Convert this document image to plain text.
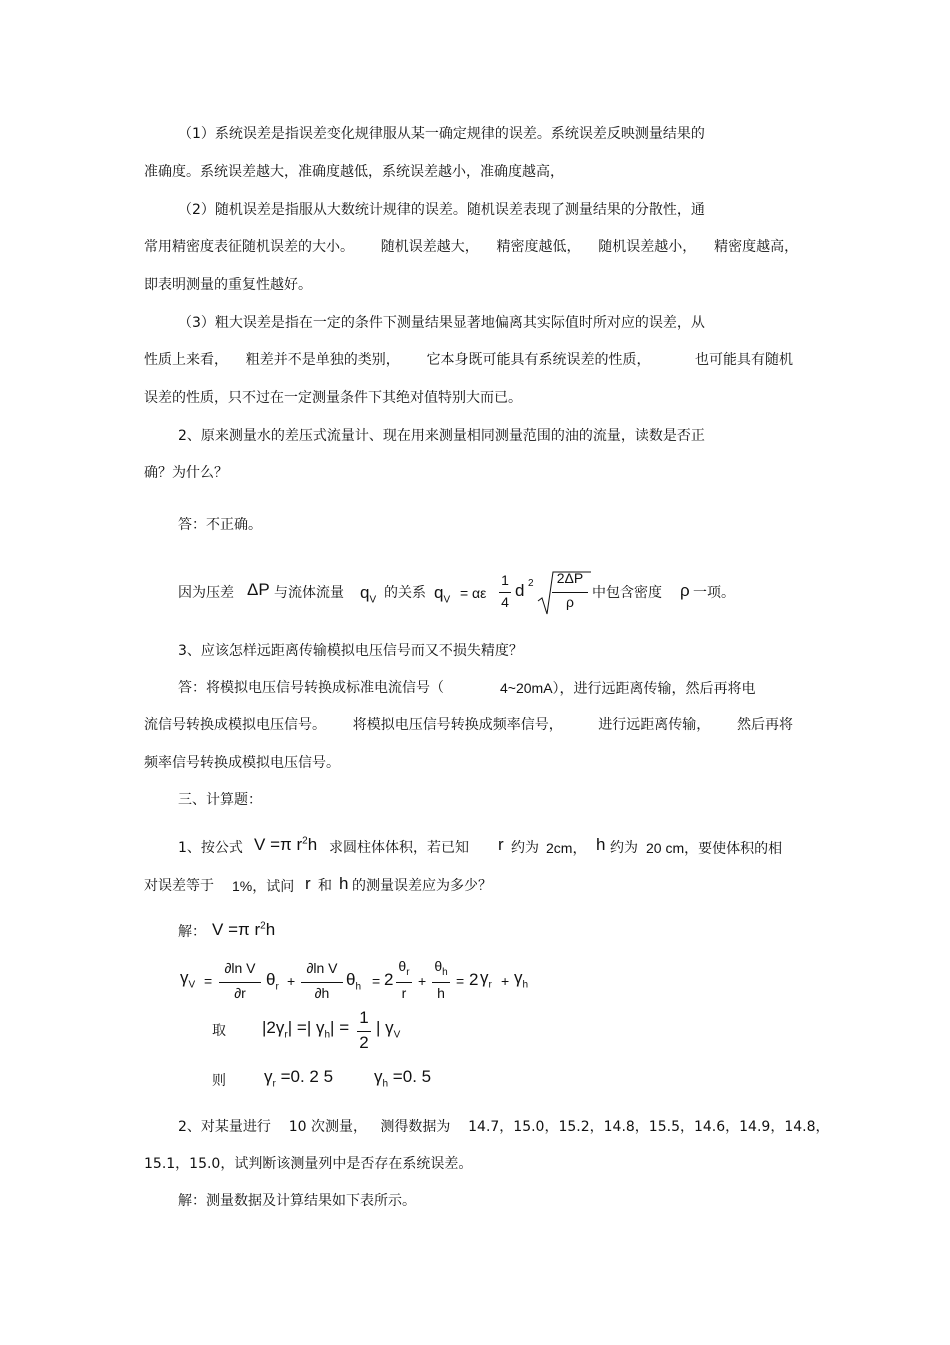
（1）系统误差是指误差变化规律服从某一确定规律的误差。系统误差反映测量结果的
准确度。系统误差越大，准确度越低，系统误差越小，准确度越高，
（2）随机误差是指服从大数统计规律的误差。随机误差表现了测量结果的分散性，通
常用精密度表征随机误差的大小。      随机误差越大，    精密度越低，    随机误差越小，    精密度越高，
即表明测量的重复性越好。
（3）粗大误差是指在一定的条件下测量结果显著地偏离其实际值时所对应的误差，从
性质上来看，    粗差并不是单独的类别，      它本身既可能具有系统误差的性质，          也可能具有随机
误差的性质，只不过在一定测量条件下其绝对值特别大而已。
2、原来测量水的差压式流量计、现在用来测量相同测量范围的油的流量，读数是否正
确？为什么？
答：不正确。
因为压差 ΔP 与流体流量 $q_V$ 的关系 $q_V = \alpha\varepsilon$
1
4
d 2	2ΔP
ρ
中包含密度 ρ 一项。
3、应该怎样远距离传输模拟电压信号而又不损失精度？
答：将模拟电压信号转换成标准电流信号（	4~20mA），进行远距离传输，然后再将电
流信号转换成模拟电压信号。      将模拟电压信号转换成频率信号，        进行远距离传输，      然后再将
频率信号转换成模拟电压信号。
三、计算题：
1、按公式 V =π $r^2h$ 求圆柱体体积，若已知 r 约为 2cm， h 约为 20 cm，要使体积的相
对误差等于 1%，试问 r 和 h 的测量误差应为多少？
解： V =π $r^2h$
$\gamma_V$ =
∂ln V
∂r
$\theta_r$ +
∂ln V
∂h
$\theta_h = 2$
$\theta_r$
r
+
$\theta_h$
h
= 2 $\gamma_r + \gamma_h$
取 $|2\gamma_r|$ =| $\gamma_h|$ =
1
2
| $\gamma_V$
则 $\gamma_r =0$. 2 5 $\gamma_h =0$. 5
2、对某量进行    10 次测量，   测得数据为    14.7，15.0，15.2，14.8，15.5，14.6，14.9，14.8，
15.1，15.0，试判断该测量列中是否存在系统误差。
解：测量数据及计算结果如下表所示。
